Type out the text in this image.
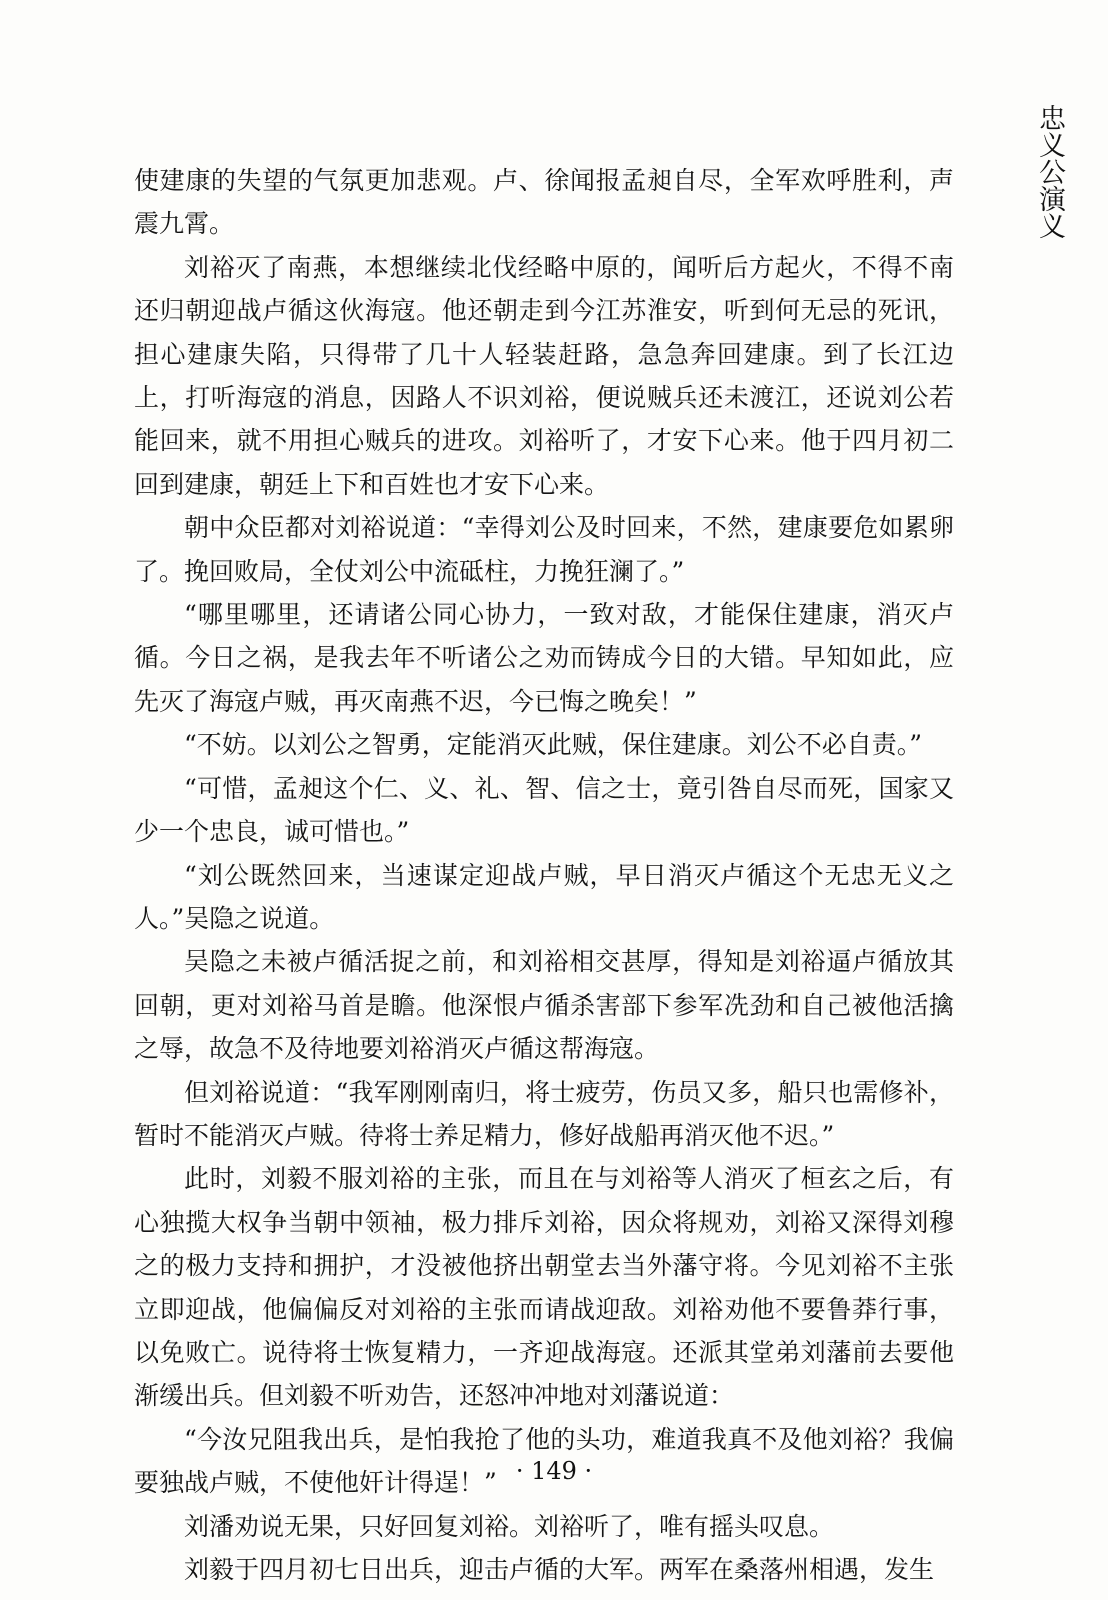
忠义公演义

使建康的失望的气氛更加悲观。卢、徐闻报孟昶自尽，全军欢呼胜利，声震九霄。

刘裕灭了南燕，本想继续北伐经略中原的，闻听后方起火，不得不南还归朝迎战卢循这伙海寇。他还朝走到今江苏淮安，听到何无忌的死讯，担心建康失陷，只得带了几十人轻装赶路，急急奔回建康。到了长江边上，打听海寇的消息，因路人不识刘裕，便说贼兵还未渡江，还说刘公若能回来，就不用担心贼兵的进攻。刘裕听了，才安下心来。他于四月初二回到建康，朝廷上下和百姓也才安下心来。

朝中众臣都对刘裕说道：“幸得刘公及时回来，不然，建康要危如累卵了。挽回败局，全仗刘公中流砥柱，力挽狂澜了。”

“哪里哪里，还请诸公同心协力，一致对敌，才能保住建康，消灭卢循。今日之祸，是我去年不听诸公之劝而铸成今日的大错。早知如此，应先灭了海寇卢贼，再灭南燕不迟，今已悔之晚矣！”

“不妨。以刘公之智勇，定能消灭此贼，保住建康。刘公不必自责。”

“可惜，孟昶这个仁、义、礼、智、信之士，竟引咎自尽而死，国家又少一个忠良，诚可惜也。”

“刘公既然回来，当速谋定迎战卢贼，早日消灭卢循这个无忠无义之人。”吴隐之说道。

吴隐之未被卢循活捉之前，和刘裕相交甚厚，得知是刘裕逼卢循放其回朝，更对刘裕马首是瞻。他深恨卢循杀害部下参军冼劲和自己被他活擒之辱，故急不及待地要刘裕消灭卢循这帮海寇。

但刘裕说道：“我军刚刚南归，将士疲劳，伤员又多，船只也需修补，暂时不能消灭卢贼。待将士养足精力，修好战船再消灭他不迟。”

此时，刘毅不服刘裕的主张，而且在与刘裕等人消灭了桓玄之后，有心独揽大权争当朝中领袖，极力排斥刘裕，因众将规劝，刘裕又深得刘穆之的极力支持和拥护，才没被他挤出朝堂去当外藩守将。今见刘裕不主张立即迎战，他偏偏反对刘裕的主张而请战迎敌。刘裕劝他不要鲁莽行事，以免败亡。说待将士恢复精力，一齐迎战海寇。还派其堂弟刘藩前去要他渐缓出兵。但刘毅不听劝告，还怒冲冲地对刘藩说道：

“今汝兄阻我出兵，是怕我抢了他的头功，难道我真不及他刘裕？我偏要独战卢贼，不使他奸计得逞！”

刘潘劝说无果，只好回复刘裕。刘裕听了，唯有摇头叹息。

刘毅于四月初七日出兵，迎击卢循的大军。两军在桑落州相遇，发生

· 149 ·
